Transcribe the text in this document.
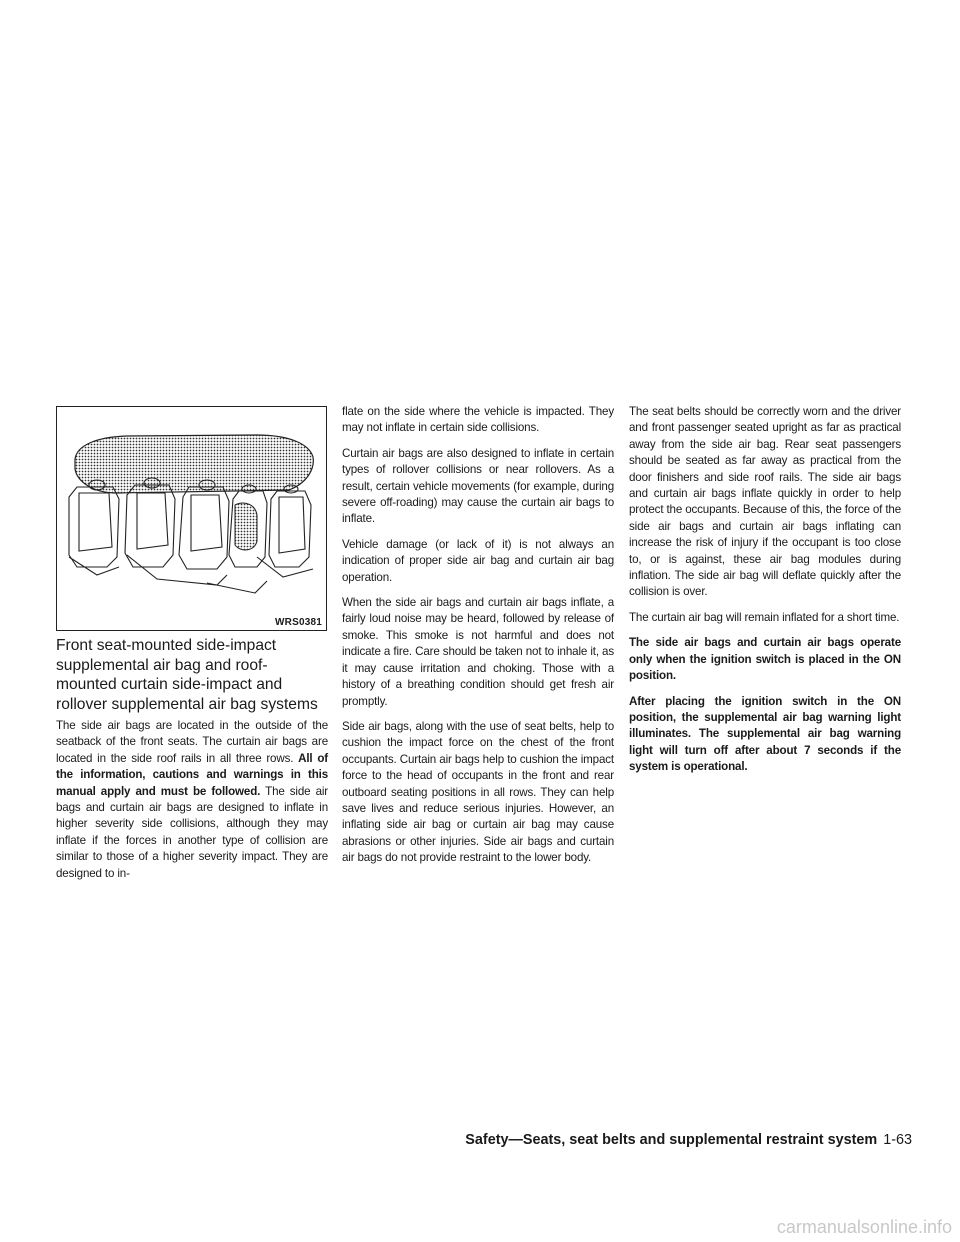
WRS0381
Front seat-mounted side-impact supplemental air bag and roof-mounted curtain side-impact and rollover supplemental air bag systems

The side air bags are located in the outside of the seatback of the front seats. The curtain air bags are located in the side roof rails in all three rows. All of the information, cautions and warnings in this manual apply and must be followed. The side air bags and curtain air bags are designed to inflate in higher severity side collisions, although they may inflate if the forces in another type of collision are similar to those of a higher severity impact. They are designed to in-

flate on the side where the vehicle is impacted. They may not inflate in certain side collisions.

Curtain air bags are also designed to inflate in certain types of rollover collisions or near rollovers. As a result, certain vehicle movements (for example, during severe off-roading) may cause the curtain air bags to inflate.

Vehicle damage (or lack of it) is not always an indication of proper side air bag and curtain air bag operation.

When the side air bags and curtain air bags inflate, a fairly loud noise may be heard, followed by release of smoke. This smoke is not harmful and does not indicate a fire. Care should be taken not to inhale it, as it may cause irritation and choking. Those with a history of a breathing condition should get fresh air promptly.

Side air bags, along with the use of seat belts, help to cushion the impact force on the chest of the front occupants. Curtain air bags help to cushion the impact force to the head of occupants in the front and rear outboard seating positions in all rows. They can help save lives and reduce serious injuries. However, an inflating side air bag or curtain air bag may cause abrasions or other injuries. Side air bags and curtain air bags do not provide restraint to the lower body.

The seat belts should be correctly worn and the driver and front passenger seated upright as far as practical away from the side air bag. Rear seat passengers should be seated as far away as practical from the door finishers and side roof rails. The side air bags and curtain air bags inflate quickly in order to help protect the occupants. Because of this, the force of the side air bags and curtain air bags inflating can increase the risk of injury if the occupant is too close to, or is against, these air bag modules during inflation. The side air bag will deflate quickly after the collision is over.

The curtain air bag will remain inflated for a short time.

The side air bags and curtain air bags operate only when the ignition switch is placed in the ON position.

After placing the ignition switch in the ON position, the supplemental air bag warning light illuminates. The supplemental air bag warning light will turn off after about 7 seconds if the system is operational.

Safety—Seats, seat belts and supplemental restraint system 1-63
carmanualsonline.info
